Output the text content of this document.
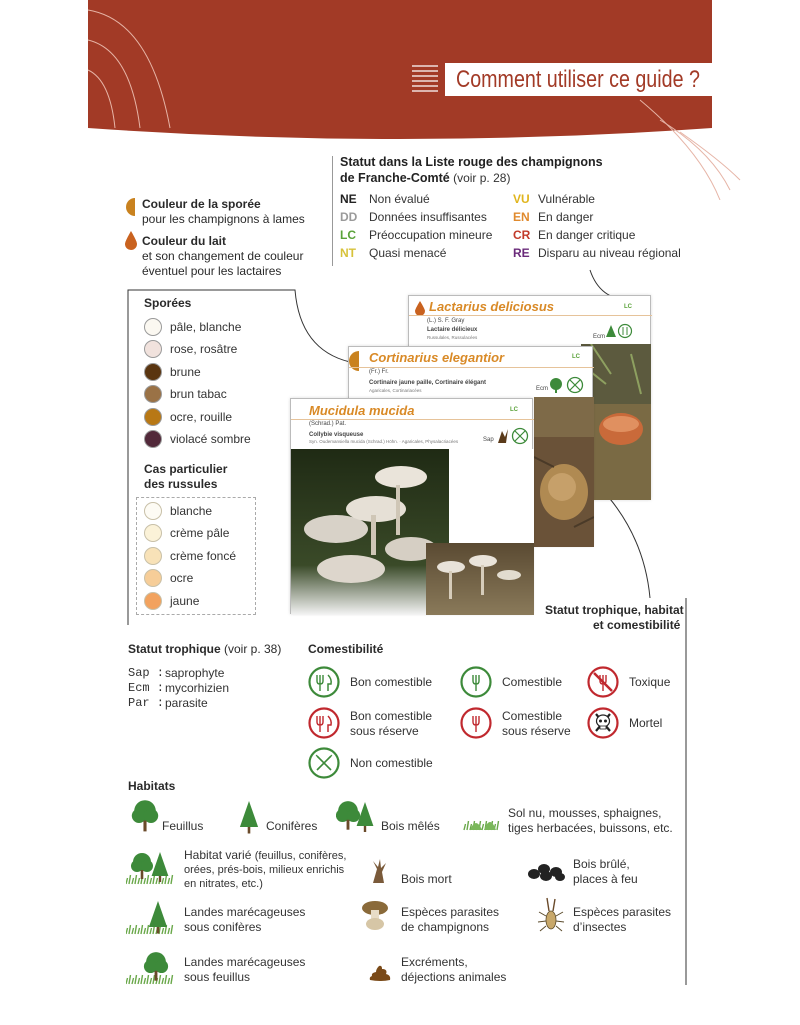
Comment utiliser ce guide ?
Statut dans la Liste rouge des champignons
de Franche-Comté (voir p. 28)
NE Non évalué
DD Données insuffisantes
LC Préoccupation mineure
NT Quasi menacé
VU Vulnérable
EN En danger
CR En danger critique
RE Disparu au niveau régional
Couleur de la sporée
pour les champignons à lames
Couleur du lait
et son changement de couleur
éventuel pour les lactaires
Sporées
pâle, blanche
rose, rosâtre
brune
brun tabac
ocre, rouille
violacé sombre
Cas particulier
des russules
blanche
crème pâle
crème foncé
ocre
jaune
Lactarius deliciosus	LC
(L.) S. F. Gray
Lactaire délicieux
Russulales, Russulacées	Ecm
Cortinarius elegantior	LC
(Fr.) Fr.
Cortinaire jaune paille, Cortinaire élégant
Agaricales, Cortinariacées	Ecm
Mucidula mucida	LC
(Schrad.) Pat.
Collybie visqueuse
Syn. Oudemansiella mucida (Schrad.) Höhn. · Agaricales, Physalacriacées	Sap
Statut trophique, habitat
et comestibilité
Statut trophique (voir p. 38)
Sap : saprophyte
Ecm : mycorhizien
Par : parasite
Comestibilité
Bon comestible	Comestible	Toxique
Bon comestible
sous réserve
Comestible
sous réserve
Mortel
Non comestible
Habitats
Feuillus	Conifères	Bois mêlés
Sol nu, mousses, sphaignes,
tiges herbacées, buissons, etc.
Habitat varié (feuillus, conifères,
orées, prés-bois, milieux enrichis
en nitrates, etc.)	Bois mort
Bois brûlé,
places à feu
Landes marécageuses
sous conifères
Espèces parasites
de champignons
Espèces parasites
d’insectes
Landes marécageuses
sous feuillus
Excréments,
déjections animales
